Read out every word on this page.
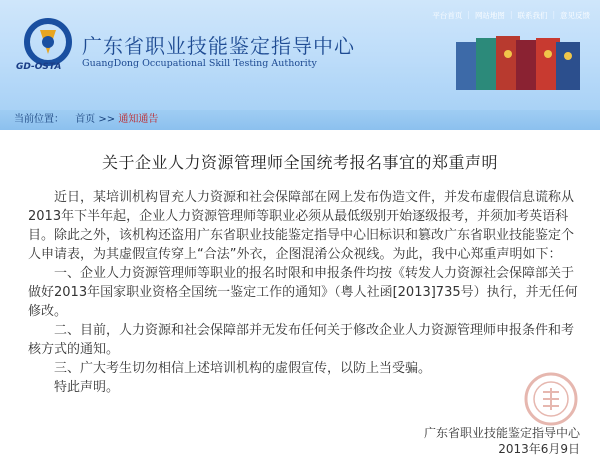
GD-OSTA
广东省职业技能鉴定指导中心
GuangDong Occupational Skill Testing Authority
平台首页 | 网站地图 | 联系我们 | 意见反馈
当前位置： 首页 >> 通知通告
关于企业人力资源管理师全国统考报名事宜的郑重声明

近日，某培训机构冒充人力资源和社会保障部在网上发布伪造文件，并发布虚假信息谎称从2013年下半年起，企业人力资源管理师等职业必须从最低级别开始逐级报考，并须加考英语科目。除此之外，该机构还盗用广东省职业技能鉴定指导中心旧标识和篡改广东省职业技能鉴定个人申请表，为其虚假宣传穿上“合法”外衣，企图混淆公众视线。为此，我中心郑重声明如下：

一、企业人力资源管理师等职业的报名时限和申报条件均按《转发人力资源社会保障部关于做好2013年国家职业资格全国统一鉴定工作的通知》（粤人社函[2013]735号）执行，并无任何修改。

二、目前，人力资源和社会保障部并无发布任何关于修改企业人力资源管理师申报条件和考核方式的通知。

三、广大考生切勿相信上述培训机构的虚假宣传，以防上当受骗。

特此声明。

广东省职业技能鉴定指导中心
2013年6月9日
